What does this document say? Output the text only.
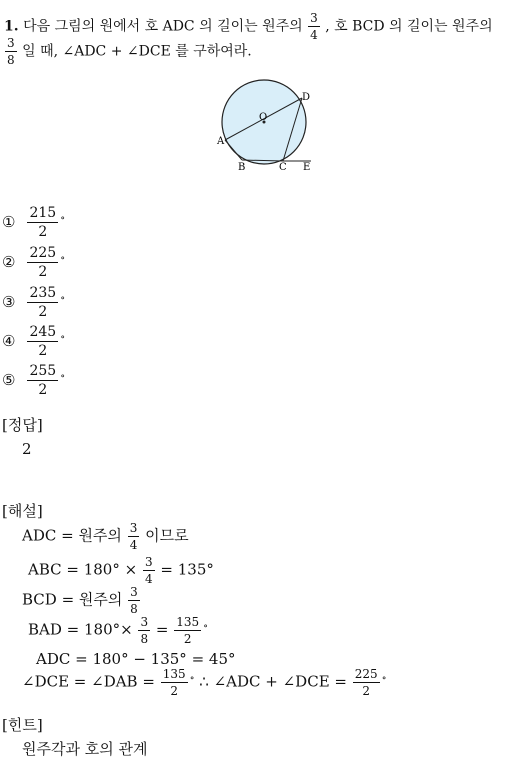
1. 다음 그림의 원에서 호 ADC 의 길이는 원주의 $\frac{3}{4}$ , 호 BCD 의 길이는 원주의
$\frac{3}{8}$ 일 때, ∠ADC + ∠DCE 를 구하여라.
O
D
A
B	C E
① $\frac{215}{2} ^\circ$
② $\frac{225}{2} ^\circ$
③ $\frac{235}{2} ^\circ$
④ $\frac{245}{2} ^\circ$
⑤ $\frac{255}{2} ^\circ$
[정답]
2
[해설]
ADC = 원주의 $\frac{3}{4}$ 이므로
ABC = $180^\circ \times \frac{3}{4} = 135^\circ$
BCD = 원주의 $\frac{3}{8}$
BAD = $180^\circ\times \frac{3}{8} = \frac{135}{2} ^\circ$
ADC = 180° − 135° = 45°
∠DCE = ∠DAB = $\frac{135}{2} ^\circ$ ∴ ∠ADC + ∠DCE = $\frac{225}{2} ^\circ$
[힌트]
원주각과 호의 관계
